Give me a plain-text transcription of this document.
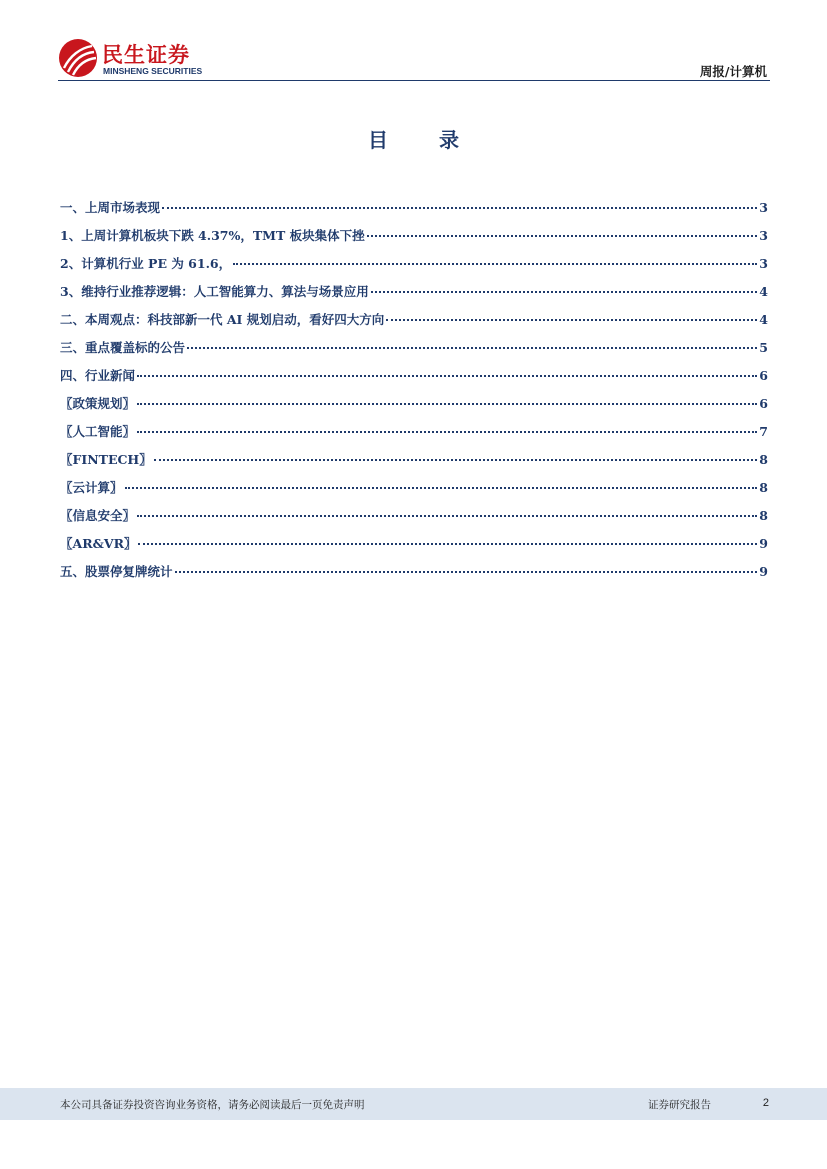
民生证券
MINSHENG SECURITIES	周报/计算机
目 录
一、上周市场表现	3
1、上周计算机板块下跌 4.37%，TMT 板块集体下挫	3
2、计算机行业 PE 为 61.6，	3
3、维持行业推荐逻辑：人工智能算力、算法与场景应用	4
二、本周观点：科技部新一代 AI 规划启动，看好四大方向	4
三、重点覆盖标的公告	5
四、行业新闻	6
〖政策规划〗	6
〖人工智能〗	7
〖FINTECH〗	8
〖云计算〗	8
〖信息安全〗	8
〖AR&VR〗	9
五、股票停复牌统计	9
本公司具备证券投资咨询业务资格，请务必阅读最后一页免责声明	证券研究报告	2
